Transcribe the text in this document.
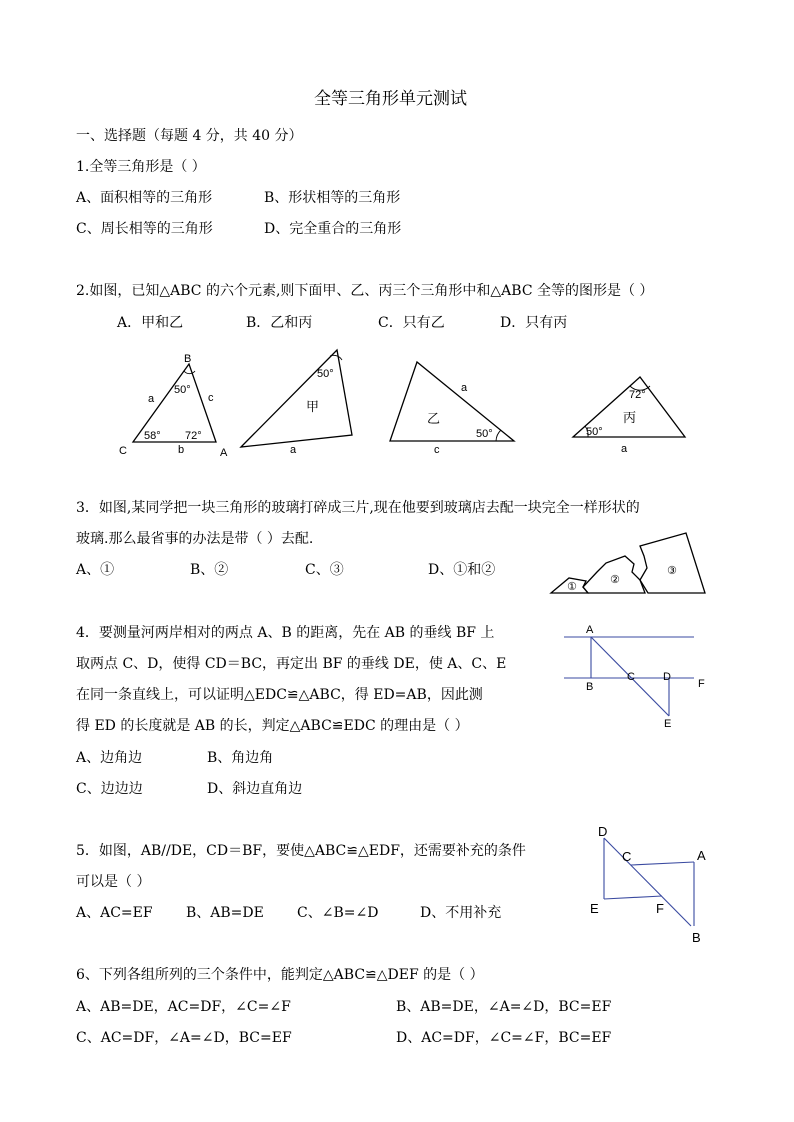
全等三角形单元测试
一、选择题（每题 4 分，共 40 分）
1.全等三角形是（ ）
A、面积相等的三角形	B、形状相等的三角形
C、周长相等的三角形	D、完全重合的三角形
2.如图，已知△ABC 的六个元素,则下面甲、乙、丙三个三角形中和△ABC 全等的图形是（ ）
A．甲和乙	B．乙和丙	C．只有乙	D．只有丙
B
C	A
a	c
b
50°
58° 72°
50°
甲
a
a
乙
50°
c
72°
丙
50°
a
3．如图,某同学把一块三角形的玻璃打碎成三片,现在他要到玻璃店去配一块完全一样形状的
玻璃.那么最省事的办法是带（ ）去配.
A、①	B、②	C、③	D、①和②
①
②
③
4．要测量河两岸相对的两点 A、B 的距离，先在 AB 的垂线 BF 上
取两点 C、D，使得 CD＝BC，再定出 BF 的垂线 DE，使 A、C、E
在同一条直线上，可以证明△EDC≌△ABC，得 ED=AB，因此测
得 ED 的长度就是 AB 的长，判定△ABC≌EDC 的理由是（ ）
A、边角边	B、角边角
C、边边边	D、斜边直角边
A
B
C	D
E
F
5．如图，AB//DE，CD＝BF，要使△ABC≌△EDF，还需要补充的条件
可以是（ ）
A、AC=EF B、AB=DE C、∠B=∠D	D、不用补充
D
C	A
E	F
B
6、下列各组所列的三个条件中，能判定△ABC≌△DEF 的是（ ）
A、AB=DE，AC=DF，∠C=∠F	B、AB=DE，∠A=∠D，BC=EF
C、AC=DF，∠A=∠D，BC=EF	D、AC=DF，∠C=∠F，BC=EF
